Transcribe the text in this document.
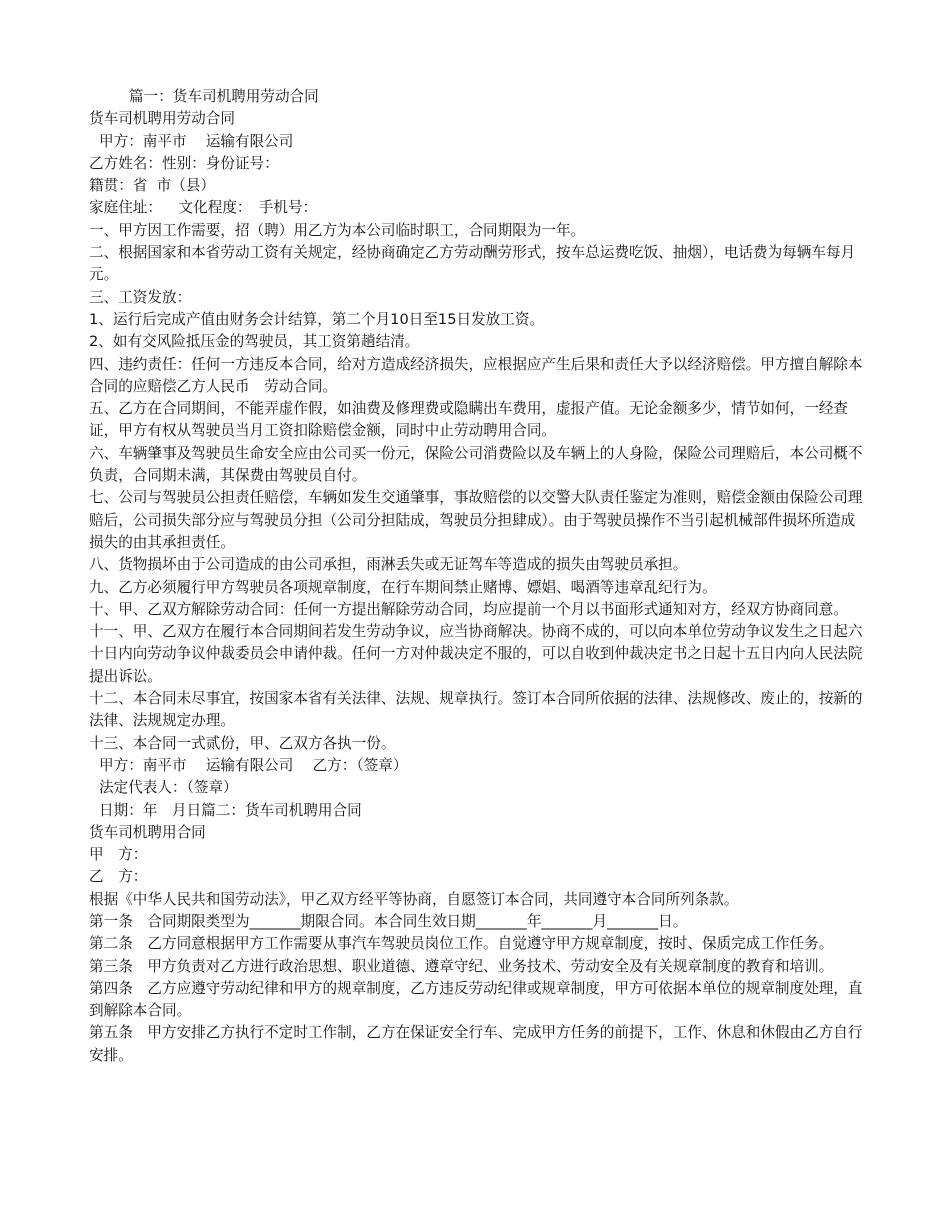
篇一：货车司机聘用劳动合同

货车司机聘用劳动合同

甲方：南平市　 运输有限公司

乙方姓名：性别：身份证号：

籍贯：省  市（县）

家庭住址：　  文化程度：　手机号：

一、甲方因工作需要，招（聘）用乙方为本公司临时职工，合同期限为一年。

二、根据国家和本省劳动工资有关规定，经协商确定乙方劳动酬劳形式，按车总运费吃饭、抽烟），电话费为每辆车每月　 元。

三、工资发放：

1、运行后完成产值由财务会计结算，第二个月10日至15日发放工资。

2、如有交风险抵压金的驾驶员，其工资第趟结清。

四、违约责任：任何一方违反本合同，给对方造成经济损失，应根据应产生后果和责任大予以经济赔偿。甲方擅自解除本合同的应赔偿乙方人民币　劳动合同。

五、乙方在合同期间，不能弄虚作假，如油费及修理费或隐瞒出车费用，虚报产值。无论金额多少，情节如何，一经查证，甲方有权从驾驶员当月工资扣除赔偿金额，同时中止劳动聘用合同。

六、车辆肇事及驾驶员生命安全应由公司买一份元，保险公司消费险以及车辆上的人身险，保险公司理赔后，本公司概不负责，合同期未满，其保费由驾驶员自付。

七、公司与驾驶员公担责任赔偿，车辆如发生交通肇事，事故赔偿的以交警大队责任鉴定为准则，赔偿金额由保险公司理赔后，公司损失部分应与驾驶员分担（公司分担陆成，驾驶员分担肆成）。由于驾驶员操作不当引起机械部件损坏所造成损失的由其承担责任。

八、货物损坏由于公司造成的由公司承担，雨淋丢失或无证驾车等造成的损失由驾驶员承担。

九、乙方必须履行甲方驾驶员各项规章制度，在行车期间禁止赌博、嫖娼、喝酒等违章乱纪行为。

十、甲、乙双方解除劳动合同：任何一方提出解除劳动合同，均应提前一个月以书面形式通知对方，经双方协商同意。

十一、甲、乙双方在履行本合同期间若发生劳动争议，应当协商解决。协商不成的，可以向本单位劳动争议发生之日起六十日内向劳动争议仲裁委员会申请仲裁。任何一方对仲裁决定不服的，可以自收到仲裁决定书之日起十五日内向人民法院提出诉讼。

十二、本合同未尽事宜，按国家本省有关法律、法规、规章执行。签订本合同所依据的法律、法规修改、废止的，按新的法律、法规规定办理。

十三、本合同一式贰份，甲、乙双方各执一份。

甲方：南平市　 运输有限公司　 乙方：（签章）

法定代表人：（签章）

日期：年　月日篇二：货车司机聘用合同

货车司机聘用合同

甲　方：

乙　方：

根据《中华人民共和国劳动法》，甲乙双方经平等协商，自愿签订本合同，共同遵守本合同所列条款。

第一条　合同期限类型为_______期限合同。本合同生效日期_______年_______月_______日。

第二条　乙方同意根据甲方工作需要从事汽车驾驶员岗位工作。自觉遵守甲方规章制度，按时、保质完成工作任务。

第三条　甲方负责对乙方进行政治思想、职业道德、遵章守纪、业务技术、劳动安全及有关规章制度的教育和培训。

第四条　乙方应遵守劳动纪律和甲方的规章制度，乙方违反劳动纪律或规章制度，甲方可依据本单位的规章制度处理，直到解除本合同。

第五条　甲方安排乙方执行不定时工作制，乙方在保证安全行车、完成甲方任务的前提下，工作、休息和休假由乙方自行安排。
